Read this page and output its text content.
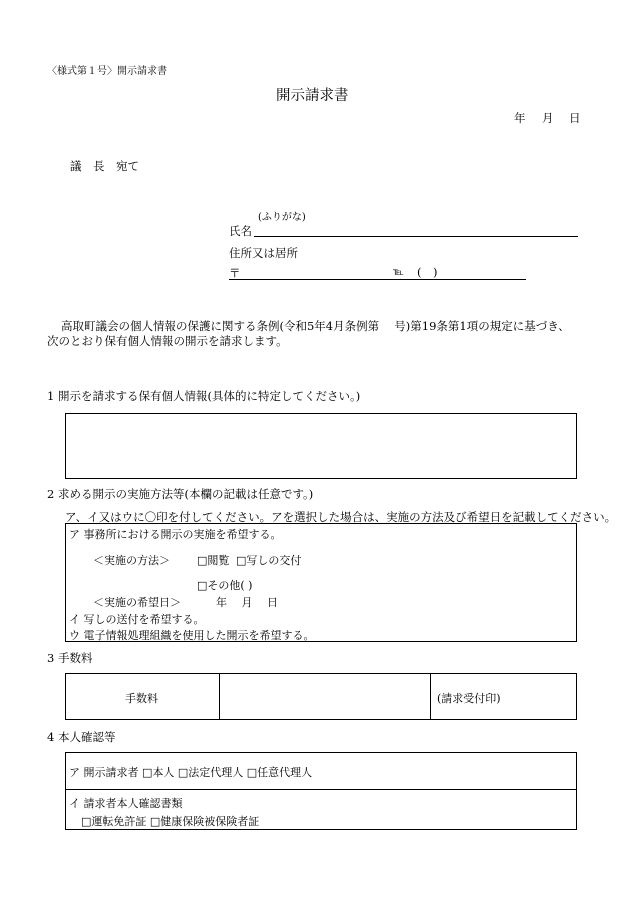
〈様式第１号〉開示請求書
開示請求書
年 月 日
議　長　宛て
(ふりがな)
氏名
住所又は居所
〒	℡ (　)
高取町議会の個人情報の保護に関する条例(令和5年4月条例第　 号)第19条第1項の規定に基づき、
次のとおり保有個人情報の開示を請求します。
1 開示を請求する保有個人情報(具体的に特定してください。)
2 求める開示の実施方法等(本欄の記載は任意です。)
ア、イ又はウに〇印を付してください。アを選択した場合は、実施の方法及び希望日を記載してください。
ア 事務所における開示の実施を希望する。
＜実施の方法＞ □閲覧 □写しの交付
□その他( )
＜実施の希望日＞	年　 月　 日
イ 写しの送付を希望する。
ウ 電子情報処理組織を使用した開示を希望する。
3 手数料
手数料	(請求受付印)
4 本人確認等
ア 開示請求者 □本人 □法定代理人 □任意代理人
イ 請求者本人確認書類
□運転免許証 □健康保険被保険者証
